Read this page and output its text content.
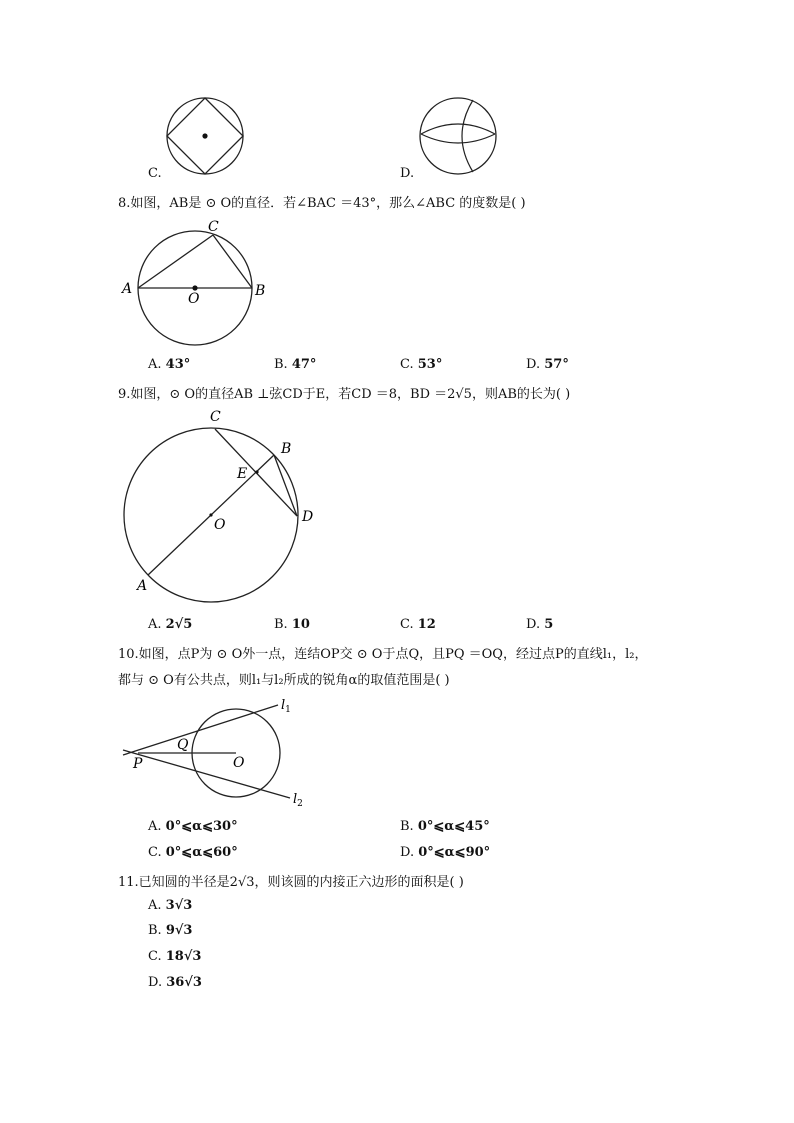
C.	D.
8.如图，AB是 ⊙ O的直径．若∠BAC ＝43°，那么∠ABC 的度数是( )
C
A	B
O
A. 43°	B. 47°	C. 53°	D. 57°
9.如图，⊙ O的直径AB ⊥弦CD于E，若CD ＝8，BD ＝2√5，则AB的长为( )
C
B
E
D
O
A
A. 2√5	B. 10	C. 12	D. 5
10.如图，点P为 ⊙ O外一点，连结OP交 ⊙ O于点Q，且PQ ＝OQ，经过点P的直线l₁，l₂，
都与 ⊙ O有公共点，则l₁与l₂所成的锐角α的取值范围是( )
$l_1$
Q
P	O
$l_2$
A. 0°⩽α⩽30°	B. 0°⩽α⩽45°
C. 0°⩽α⩽60°	D. 0°⩽α⩽90°
11.已知圆的半径是2√3，则该圆的内接正六边形的面积是( )
A. 3√3
B. 9√3
C. 18√3
D. 36√3
